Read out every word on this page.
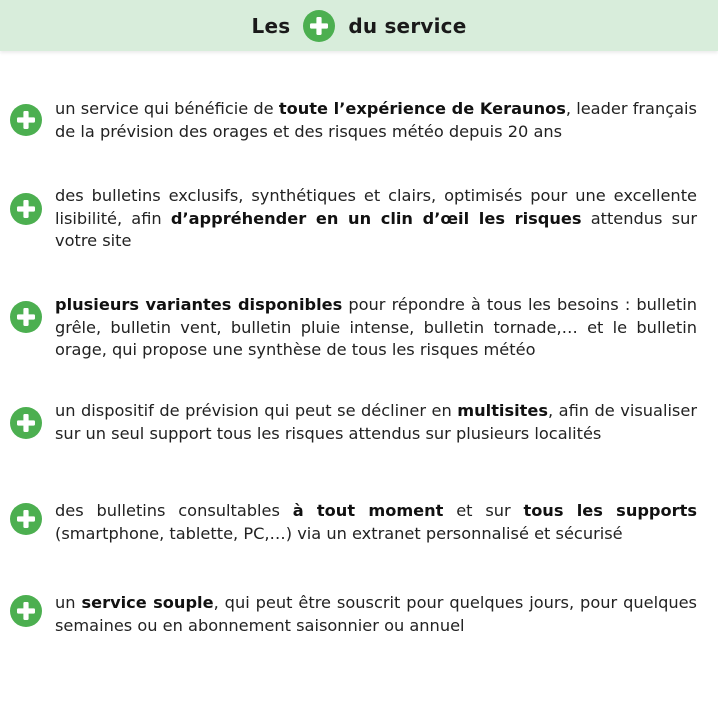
Les	du service
un service qui bénéficie de toute l’expérience de Keraunos, leader français de la prévision des orages et des risques météo depuis 20 ans
des bulletins exclusifs, synthétiques et clairs, optimisés pour une excellente lisibilité, afin d’appréhender en un clin d’œil les risques attendus sur votre site
plusieurs variantes disponibles pour répondre à tous les besoins : bulletin grêle, bulletin vent, bulletin pluie intense, bulletin tornade,… et le bulletin orage, qui propose une synthèse de tous les risques météo
un dispositif de prévision qui peut se décliner en multisites, afin de visualiser sur un seul support tous les risques attendus sur plusieurs localités
des bulletins consultables à tout moment et sur tous les supports (smartphone, tablette, PC,…) via un extranet personnalisé et sécurisé
un service souple, qui peut être souscrit pour quelques jours, pour quelques semaines ou en abonnement saisonnier ou annuel
